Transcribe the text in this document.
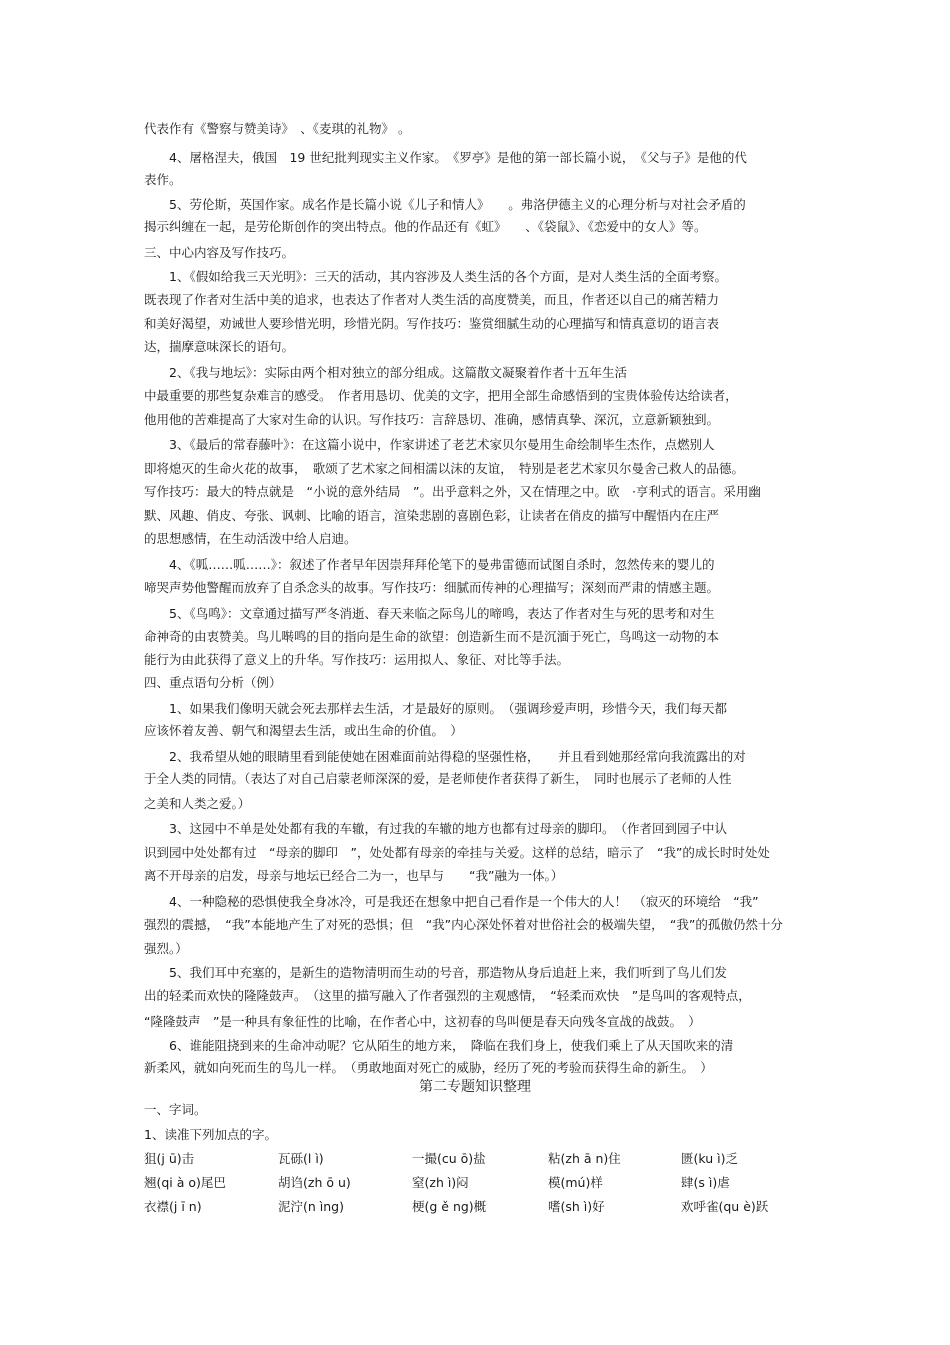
代表作有《警察与赞美诗》　、《麦琪的礼物》 。
　　4、屠格涅夫，俄国　19 世纪批判现实主义作家。　《罗亭》是他的第一部长篇小说，　《父与子》是他的代
表作。
　　5、劳伦斯，英国作家。成名作是长篇小说《儿子和情人》　　。弗洛伊德主义的心理分析与对社会矛盾的
揭示纠缠在一起，是劳伦斯创作的突出特点。他的作品还有《虹》　　、《袋鼠》、《恋爱中的女人》等。
三、中心内容及写作技巧。
　　1、《假如给我三天光明》：三天的活动，其内容涉及人类生活的各个方面，是对人类生活的全面考察。
既表现了作者对生活中美的追求，也表达了作者对人类生活的高度赞美，而且，作者还以自己的痛苦精力
和美好渴望，劝诫世人要珍惜光明，珍惜光阴。写作技巧：鉴赏细腻生动的心理描写和情真意切的语言表
达，揣摩意味深长的语句。
　　2、《我与地坛》：实际由两个相对独立的部分组成。这篇散文凝聚着作者十五年生活
中最重要的那些复杂难言的感受。　作者用恳切、优美的文字，把用全部生命感悟到的宝贵体验传达给读者，
他用他的苦难提高了大家对生命的认识。写作技巧：言辞恳切、准确，感情真挚、深沉，立意新颖独到。
　　3、《最后的常春藤叶》：在这篇小说中，作家讲述了老艺术家贝尔曼用生命绘制毕生杰作，点燃别人
即将熄灭的生命火花的故事，　歌颂了艺术家之间相濡以沫的友谊，　特别是老艺术家贝尔曼舍己救人的品德。
写作技巧：最大的特点就是　“小说的意外结局　”。出乎意料之外，又在情理之中。欧　·亨利式的语言。采用幽
默、风趣、俏皮、夸张、讽刺、比喻的语言，渲染悲剧的喜剧色彩，让读者在俏皮的描写中醒悟内在庄严
的思想感情，在生动活泼中给人启迪。
　　4、《呱……呱……》：叙述了作者早年因崇拜拜伦笔下的曼弗雷德而试图自杀时，忽然传来的婴儿的
啼哭声势他警醒而放弃了自杀念头的故事。写作技巧：细腻而传神的心理描写；深刻而严肃的情感主题。
　　5、《鸟鸣》：文章通过描写严冬消逝、春天来临之际鸟儿的啼鸣，表达了作者对生与死的思考和对生
命神奇的由衷赞美。鸟儿啭鸣的目的指向是生命的欲望：创造新生而不是沉湎于死亡，鸟鸣这一动物的本
能行为由此获得了意义上的升华。写作技巧：运用拟人、象征、对比等手法。
四、重点语句分析（例）
　　1、如果我们像明天就会死去那样去生活，才是最好的原则。　（强调珍爱声明，珍惜今天，我们每天都
应该怀着友善、朝气和渴望去生活，或出生命的价值。　）
　　2、我希望从她的眼睛里看到能使她在困难面前站得稳的坚强性格，　　并且看到她那经常向我流露出的对
于全人类的同情。（表达了对自己启蒙老师深深的爱，是老师使作者获得了新生，　同时也展示了老师的人性
之美和人类之爱。）
　　3、这园中不单是处处都有我的车辙，有过我的车辙的地方也都有过母亲的脚印。　（作者回到园子中认
识到园中处处都有过　“母亲的脚印　”，处处都有母亲的牵挂与关爱。这样的总结，暗示了　“我”的成长时时处处
离不开母亲的启发，母亲与地坛已经合二为一，也早与　　“我”融为一体。）
　　4、一种隐秘的恐惧使我全身冰冷，可是我还在想象中把自己看作是一个伟大的人！　（寂灭的环境给　“我”
强烈的震撼，　“我”本能地产生了对死的恐惧；但　“我”内心深处怀着对世俗社会的极端失望，　“我”的孤傲仍然十分
强烈。）
　　5、我们耳中充塞的，是新生的造物清明而生动的号音，那造物从身后追赶上来，我们听到了鸟儿们发
出的轻柔而欢快的隆隆鼓声。　（这里的描写融入了作者强烈的主观感情，　“轻柔而欢快　”是鸟叫的客观特点，
“隆隆鼓声　”是一种具有象征性的比喻，在作者心中，这初春的鸟叫便是春天向残冬宣战的战鼓。　）
　　6、谁能阻挠到来的生命冲动呢？它从陌生的地方来，　降临在我们身上，使我们乘上了从天国吹来的清
新柔风，就如向死而生的鸟儿一样。　（勇敢地面对死亡的威胁，经历了死的考验而获得生命的新生。　）
第二专题知识整理
一、字词。
1、读准下列加点的字。
狙(j ū)击	瓦砾(l ì)	一撮(cu ō)盐	粘(zh ā n)住	匮(ku ì)乏
翘(qi à o)尾巴	胡诌(zh ō u)	窒(zh ì)闷	模(mú)样	肆(s ì)虐
衣襟(j ī n)	泥泞(n ìng)	梗(g ě ng)概	嗜(sh ì)好	欢呼雀(qu è)跃
